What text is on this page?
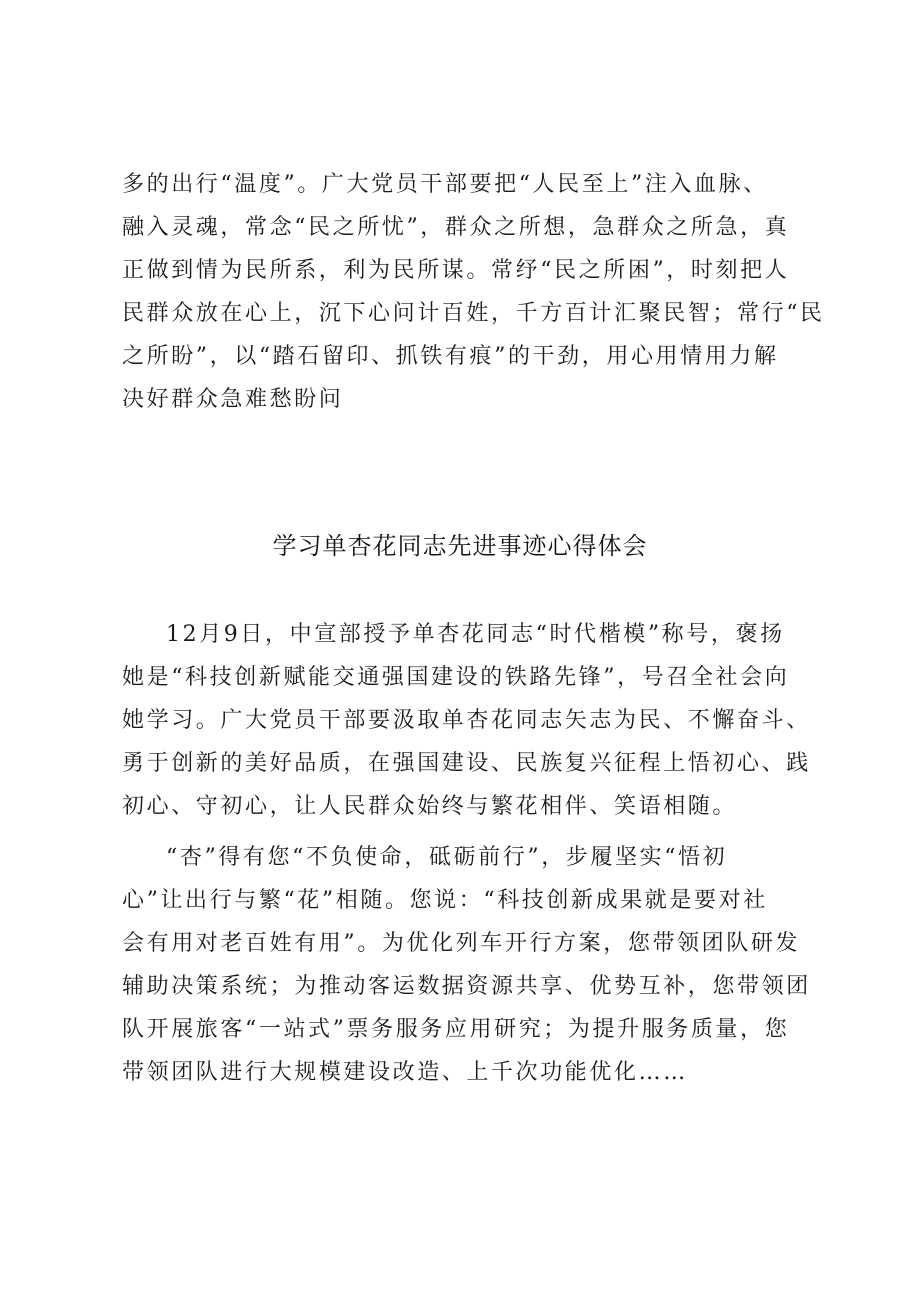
多的出行“温度”。广大党员干部要把“人民至上”注入血脉、
融入灵魂，常念“民之所忧”，群众之所想，急群众之所急，真
正做到情为民所系，利为民所谋。常纾“民之所困”，时刻把人
民群众放在心上，沉下心问计百姓，千方百计汇聚民智；常行“民
之所盼”，以“踏石留印、抓铁有痕”的干劲，用心用情用力解
决好群众急难愁盼问
学习单杏花同志先进事迹心得体会
12月9日，中宣部授予单杏花同志“时代楷模”称号，褒扬
她是“科技创新赋能交通强国建设的铁路先锋”，号召全社会向
她学习。广大党员干部要汲取单杏花同志矢志为民、不懈奋斗、
勇于创新的美好品质，在强国建设、民族复兴征程上悟初心、践
初心、守初心，让人民群众始终与繁花相伴、笑语相随。
“杏”得有您“不负使命，砥砺前行”，步履坚实“悟初
心”让出行与繁“花”相随。您说：“科技创新成果就是要对社
会有用对老百姓有用”。为优化列车开行方案，您带领团队研发
辅助决策系统；为推动客运数据资源共享、优势互补，您带领团
队开展旅客“一站式”票务服务应用研究；为提升服务质量，您
带领团队进行大规模建设改造、上千次功能优化……
